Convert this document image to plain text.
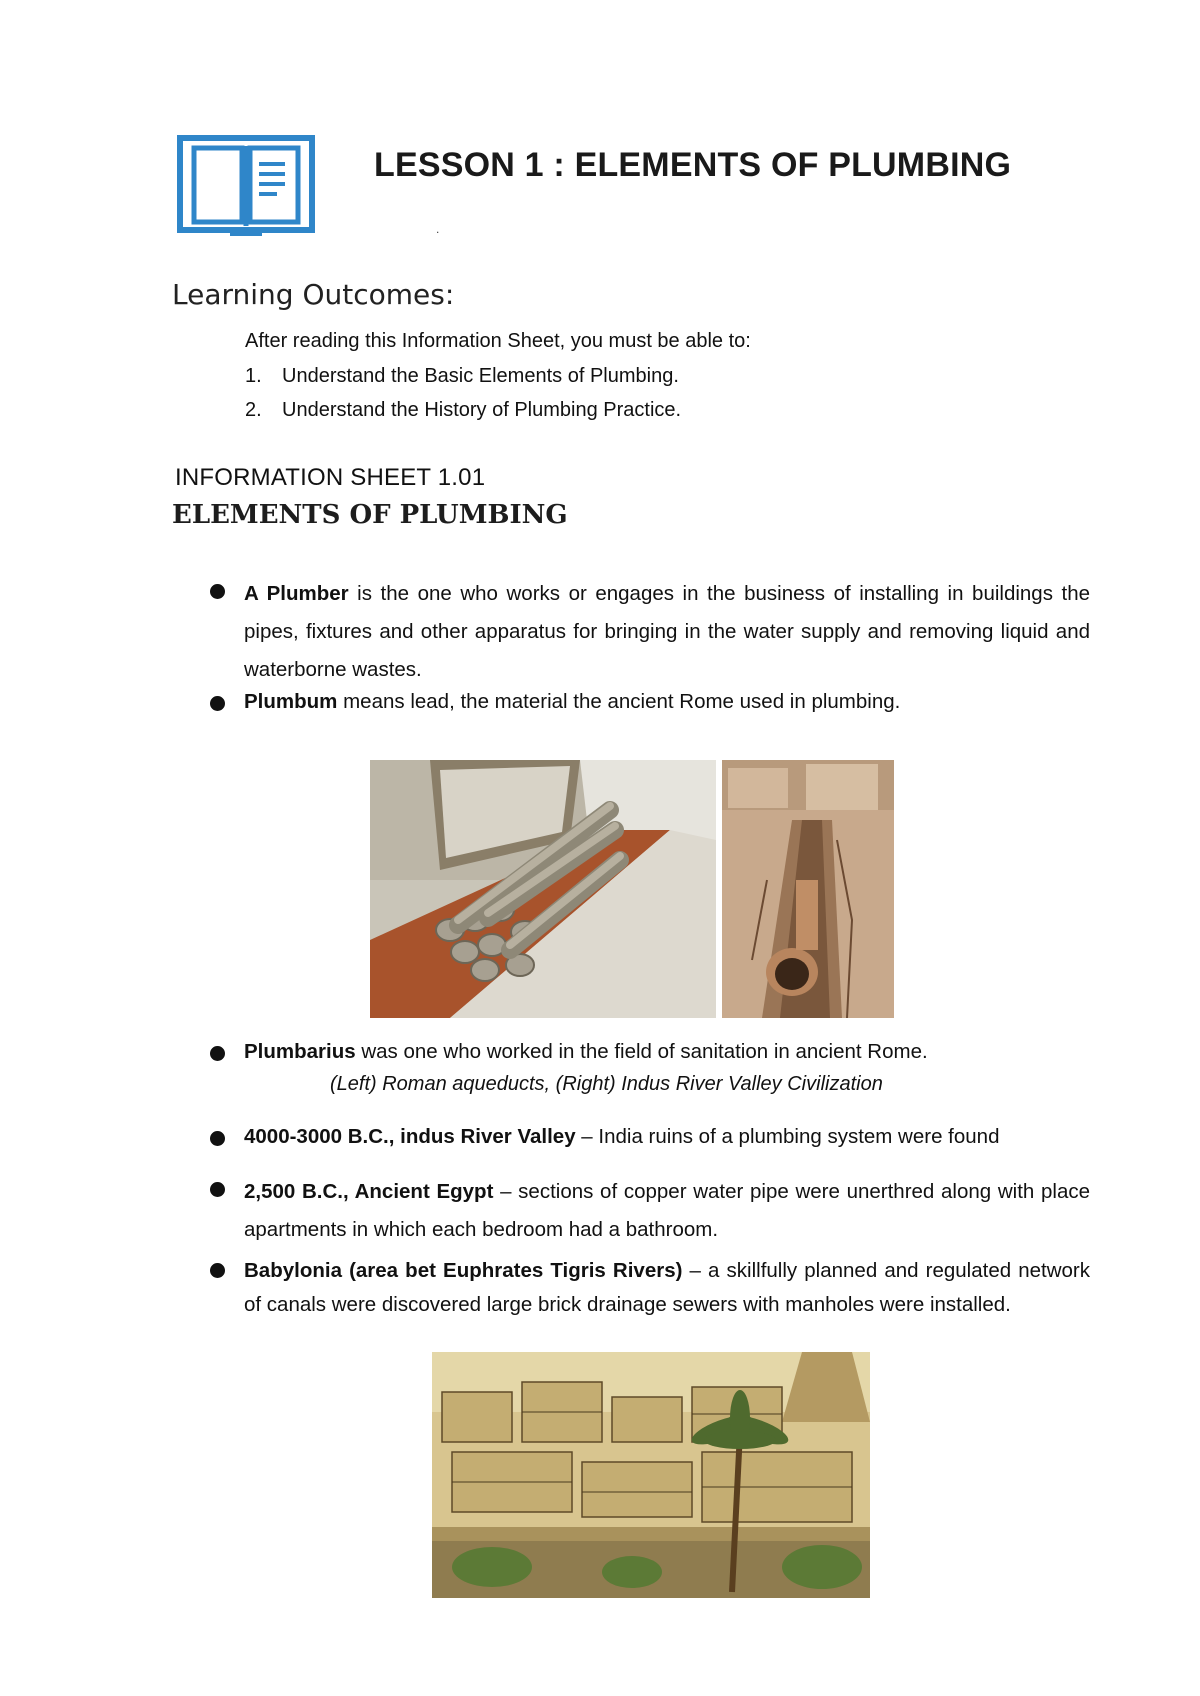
LESSON 1 : ELEMENTS OF PLUMBING
.
Learning Outcomes:
After reading this Information Sheet, you must be able to:
1.	Understand the Basic Elements of Plumbing.
2.	Understand the History of Plumbing Practice.
INFORMATION SHEET 1.01
ELEMENTS OF PLUMBING
A Plumber is the one who works or engages in the business of installing in buildings the pipes, fixtures and other apparatus for bringing in the water supply and removing liquid and waterborne wastes.
Plumbum means lead, the material the ancient Rome used in plumbing.
Plumbarius was one who worked in the field of sanitation in ancient Rome.
(Left) Roman aqueducts, (Right) Indus River Valley Civilization
4000-3000 B.C., indus River Valley – India ruins of a plumbing system were found
2,500 B.C., Ancient Egypt – sections of copper water pipe were unerthred along with place apartments in which each bedroom had a bathroom.
Babylonia (area bet Euphrates Tigris Rivers) – a skillfully planned and regulated network of canals were discovered large brick drainage sewers with manholes were installed.
